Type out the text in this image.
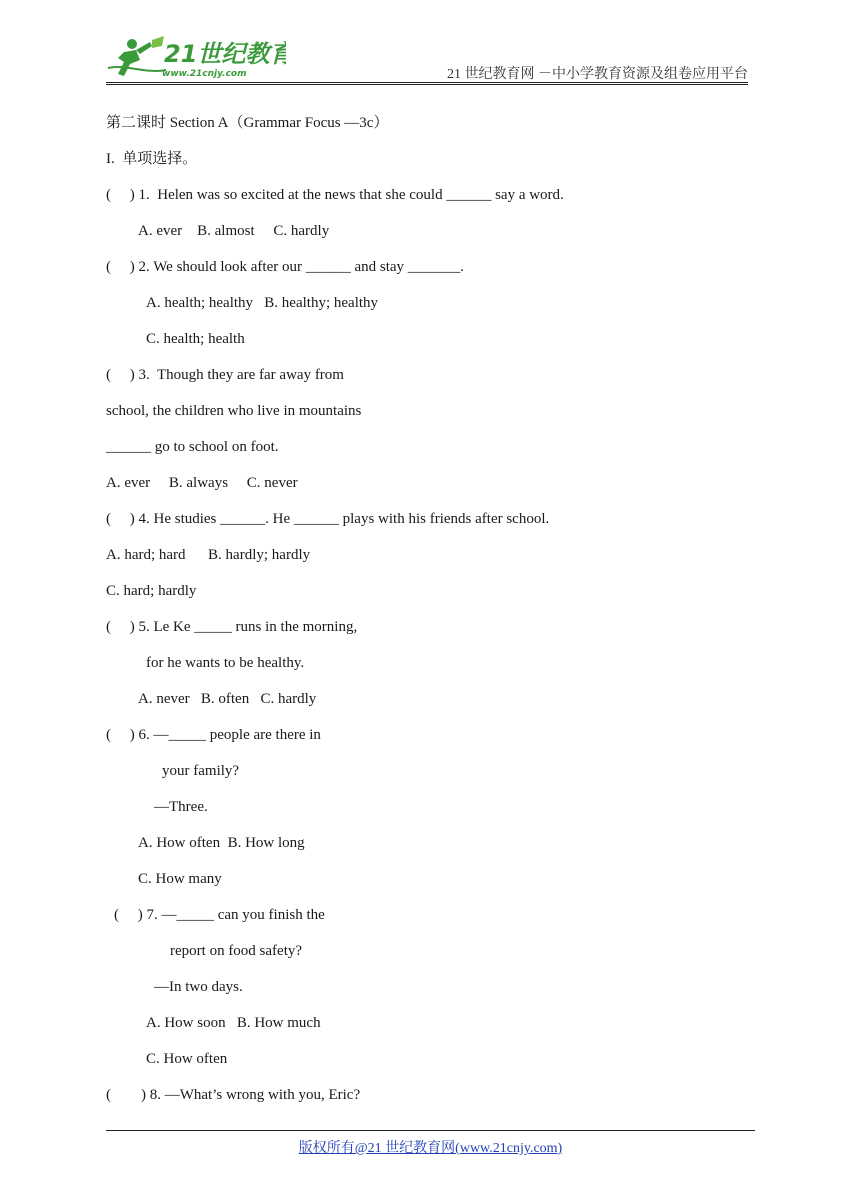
21世纪教育
www.21cnjy.com	21 世纪教育网 －中小学教育资源及组卷应用平台
第二课时 Section A（Grammar Focus —3c）
I.  单项选择。
(     ) 1.  Helen was so excited at the news that she could ______ say a word.
A. ever    B. almost     C. hardly
(     ) 2. We should look after our ______ and stay _______.
A. health; healthy   B. healthy; healthy
C. health; health
(     ) 3.  Though they are far away from
school, the children who live in mountains
______ go to school on foot.
A. ever     B. always     C. never
(     ) 4. He studies ______. He ______ plays with his friends after school.
A. hard; hard      B. hardly; hardly
C. hard; hardly
(     ) 5. Le Ke _____ runs in the morning,
for he wants to be healthy.
A. never   B. often   C. hardly
(     ) 6. —_____ people are there in
your family?
—Three.
A. How often  B. How long
C. How many
(     ) 7. —_____ can you finish the
report on food safety?
—In two days.
A. How soon   B. How much
C. How often
(        ) 8. —What’s wrong with you, Eric?
版权所有@21 世纪教育网(www.21cnjy.com)
